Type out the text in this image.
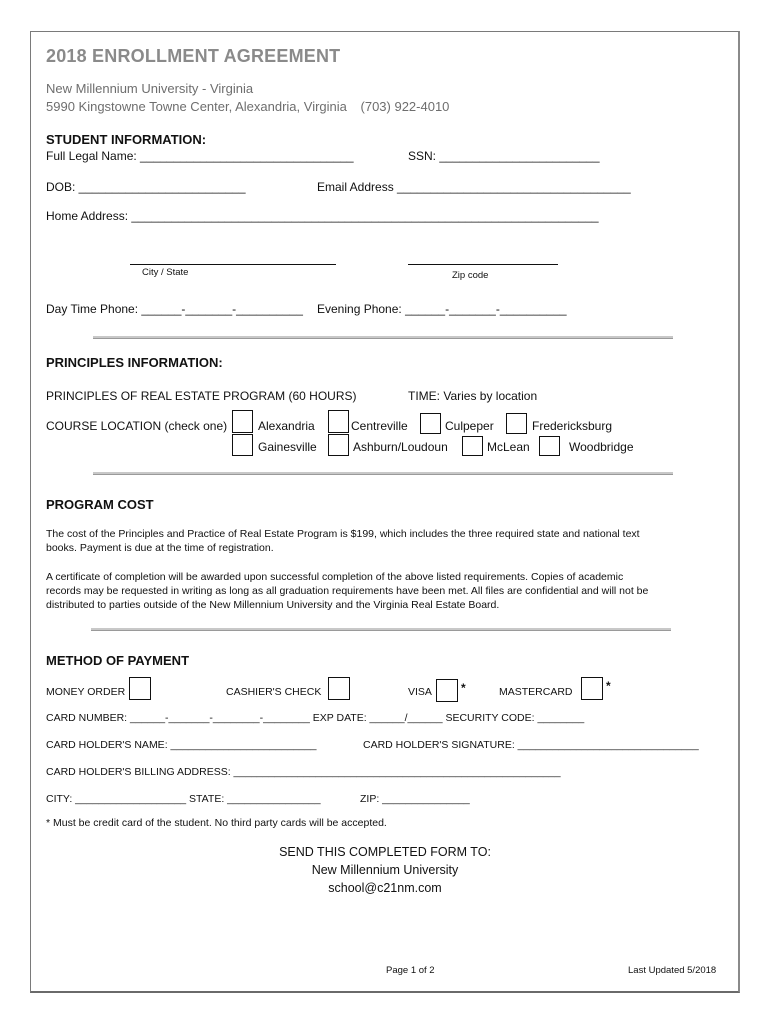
2018 ENROLLMENT AGREEMENT
New Millennium University - Virginia
5990 Kingstowne Towne Center, Alexandria, Virginia (703) 922-4010
STUDENT INFORMATION:
Full Legal Name: ________________________________	SSN: ________________________
DOB: _________________________	Email Address ___________________________________
Home Address: ______________________________________________________________________
City / State	Zip code
Day Time Phone: ______-_______-__________ Evening Phone: ______-_______-__________
PRINCIPLES INFORMATION:
PRINCIPLES OF REAL ESTATE PROGRAM (60 HOURS)	TIME: Varies by location
COURSE LOCATION (check one)	Alexandria	Centreville	Culpeper	Fredericksburg
Gainesville	Ashburn/Loudoun	McLean	Woodbridge
PROGRAM COST
The cost of the Principles and Practice of Real Estate Program is $199, which includes the three required state and national text
books. Payment is due at the time of registration.
A certificate of completion will be awarded upon successful completion of the above listed requirements. Copies of academic
records may be requested in writing as long as all graduation requirements have been met. All files are confidential and will not be
distributed to parties outside of the New Millennium University and the Virginia Real Estate Board.
METHOD OF PAYMENT
MONEY ORDER	CASHIER'S CHECK	VISA *	MASTERCARD	*
CARD NUMBER: ______-_______-________-________ EXP DATE: ______/______ SECURITY CODE: ________
CARD HOLDER'S NAME: _________________________	CARD HOLDER'S SIGNATURE: _______________________________
CARD HOLDER'S BILLING ADDRESS: ________________________________________________________
CITY: ___________________ STATE: ________________	ZIP: _______________
* Must be credit card of the student. No third party cards will be accepted.
SEND THIS COMPLETED FORM TO:
New Millennium University
school@c21nm.com
Page 1 of 2	Last Updated 5/2018
